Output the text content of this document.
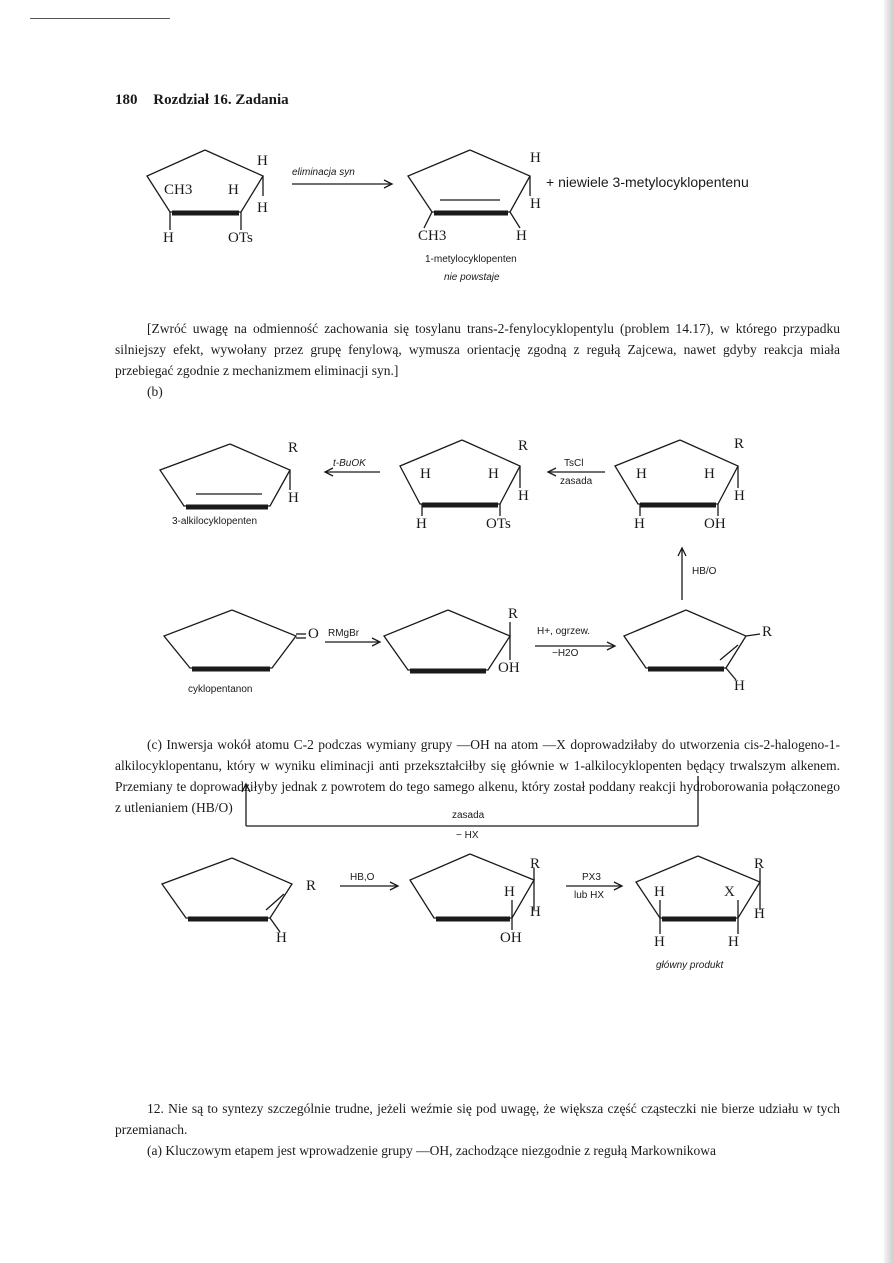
180 Rozdział 16. Zadania
H
CH3 H
H
H	OTs
eliminacja syn
H
H
CH3	H
1-metylocyklopenten
nie powstaje
+ niewiele 3-metylocyklopentenu

[Zwróć uwagę na odmienność zachowania się tosylanu trans-2-fenylocyklopentylu (problem 14.17), w którego przypadku silniejszy efekt, wywołany przez grupę fenylową, wymusza orientację zgodną z regułą Zajcewa, nawet gdyby reakcja miała przebiegać zgodnie z mechanizmem eliminacji syn.]

(b)

R
H
3-alkilocyklopenten
t-BuOK
R
H	H
H
H	OTs
TsCl
zasada
R
H	H
H
H	OH
HB/O
O
cyklopentanon
RMgBr
R
OH
H+, ogrzew.
−H2O
R
H

(c) Inwersja wokół atomu C-2 podczas wymiany grupy —OH na atom —X doprowadziłaby do utworzenia cis-2-halogeno-1-alkilocyklopentanu, który w wyniku eliminacji anti przekształciłby się głównie w 1-alkilocyklopenten będący trwalszym alkenem. Przemiany te doprowadziłyby jednak z powrotem do tego samego alkenu, który został poddany reakcji hydroborowania połączonego z utlenianiem (HB/O)

R
H
HB,O
R
H
H
OH
PX3
lub HX
R
H	X
H
H	H
główny produkt
zasada
− HX

12. Nie są to syntezy szczególnie trudne, jeżeli weźmie się pod uwagę, że większa część cząsteczki nie bierze udziału w tych przemianach.

(a) Kluczowym etapem jest wprowadzenie grupy —OH, zachodzące niezgodnie z regułą Markownikowa
